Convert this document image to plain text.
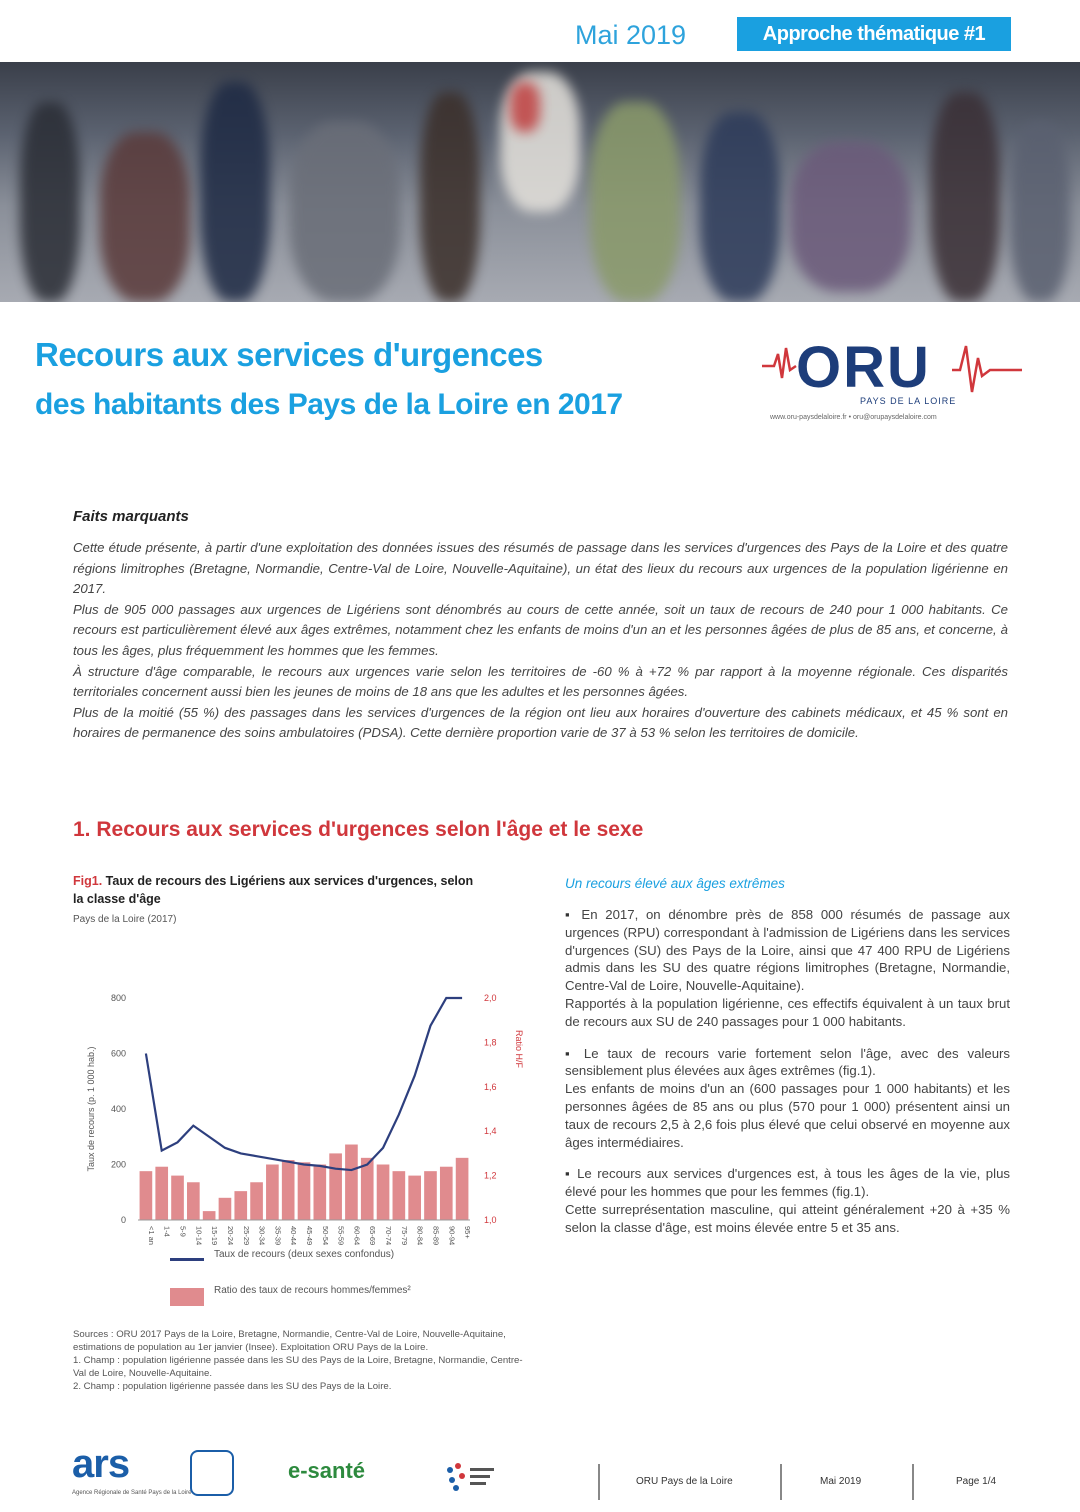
Mai 2019	Approche thématique #1
Recours aux services d'urgences
des habitants des Pays de la Loire en 2017
ORU
PAYS DE LA LOIRE
www.oru-paysdelaloire.fr • oru@orupaysdelaloire.com
Faits marquants

Cette étude présente, à partir d'une exploitation des données issues des résumés de passage dans les services d'urgences des Pays de la Loire et des quatre régions limitrophes (Bretagne, Normandie, Centre-Val de Loire, Nouvelle-Aquitaine), un état des lieux du recours aux urgences de la population ligérienne en 2017.

Plus de 905 000 passages aux urgences de Ligériens sont dénombrés au cours de cette année, soit un taux de recours de 240 pour 1 000 habitants. Ce recours est particulièrement élevé aux âges extrêmes, notamment chez les enfants de moins d'un an et les personnes âgées de plus de 85 ans, et concerne, à tous les âges, plus fréquemment les hommes que les femmes.

À structure d'âge comparable, le recours aux urgences varie selon les territoires de -60 % à +72 % par rapport à la moyenne régionale. Ces disparités territoriales concernent aussi bien les jeunes de moins de 18 ans que les adultes et les personnes âgées.

Plus de la moitié (55 %) des passages dans les services d'urgences de la région ont lieu aux horaires d'ouverture des cabinets médicaux, et 45 % sont en horaires de permanence des soins ambulatoires (PDSA). Cette dernière proportion varie de 37 à 53 % selon les territoires de domicile.

1. Recours aux services d'urgences selon l'âge et le sexe
Fig1. Taux de recours des Ligériens aux services d'urgences, selon la classe d'âge
Pays de la Loire (2017)
0
200
400
600
800
1,0
1,2
1,4
1,6
1,8
2,0
Taux de recours (p. 1 000 hab.)	Ratio H/F
<1 an 1-4 5-9 10-14 15-19 20-24 25-29 30-34 35-39 40-44 45-49 50-54 55-59 60-64 65-69 70-74 75-79 80-84 85-89 90-94 95+
Taux de recours (deux sexes confondus)
Ratio des taux de recours hommes/femmes²
Sources : ORU 2017 Pays de la Loire, Bretagne, Normandie, Centre-Val de Loire, Nouvelle-Aquitaine, estimations de population au 1er janvier (Insee). Exploitation ORU Pays de la Loire.
1. Champ : population ligérienne passée dans les SU des Pays de la Loire, Bretagne, Normandie, Centre-Val de Loire, Nouvelle-Aquitaine.
2. Champ : population ligérienne passée dans les SU des Pays de la Loire.
Un recours élevé aux âges extrêmes

▪ En 2017, on dénombre près de 858 000 résumés de passage aux urgences (RPU) correspondant à l'admission de Ligériens dans les services d'urgences (SU) des Pays de la Loire, ainsi que 47 400 RPU de Ligériens admis dans les SU des quatre régions limitrophes (Bretagne, Normandie, Centre-Val de Loire, Nouvelle-Aquitaine).

Rapportés à la population ligérienne, ces effectifs équivalent à un taux brut de recours aux SU de 240 passages pour 1 000 habitants.

▪ Le taux de recours varie fortement selon l'âge, avec des valeurs sensiblement plus élevées aux âges extrêmes (fig.1).

Les enfants de moins d'un an (600 passages pour 1 000 habitants) et les personnes âgées de 85 ans ou plus (570 pour 1 000) présentent ainsi un taux de recours 2,5 à 2,6 fois plus élevé que celui observé en moyenne aux âges intermédiaires.

▪ Le recours aux services d'urgences est, à tous les âges de la vie, plus élevé pour les hommes que pour les femmes (fig.1).

Cette surreprésentation masculine, qui atteint généralement +20 à +35 % selon la classe d'âge, est moins élevée entre 5 et 35 ans.

ars
Agence Régionale de Santé Pays de la Loire
e-santé	ORU Pays de la Loire	Mai 2019	Page 1/4
